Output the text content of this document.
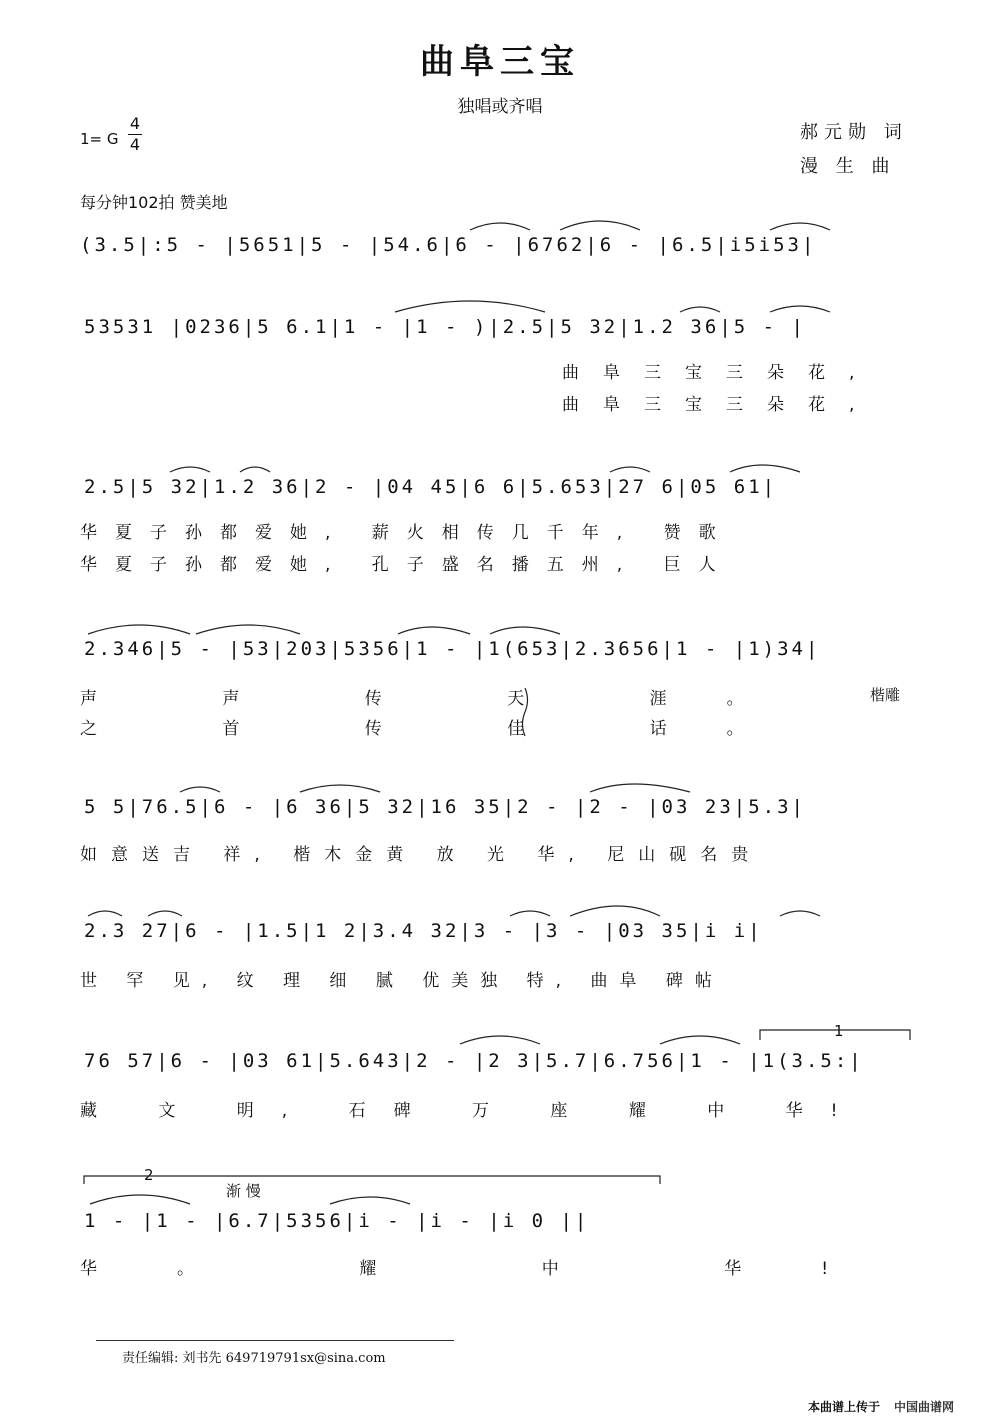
曲阜三宝
独唱或齐唱
1= G
4
4
郝元勋 词
漫 生 曲
每分钟102拍 赞美地
(3.5|:5 - |5651|5 - |54.6|6 - |6762|6 - |6.5|i5i53|
53531 |0236|5 6.1|1 - |1 - )|2.5|5 32|1.2 36|5 - |
曲阜三宝三朵花,
曲阜三宝三朵花,
2.5|5 32|1.2 36|2 - |04 45|6 6|5.653|27 6|05 61|
华夏子孙都爱她, 薪火相传几千年, 赞歌
华夏子孙都爱她, 孔子盛名播五州, 巨人
2.346|5 - |53|203|5356|1 - |1(653|2.3656|1 - |1)34|
声 声 传 天 涯。
之 首 传 佳 话。
楷雕
5 5|76.5|6 - |6 36|5 32|16 35|2 - |2 - |03 23|5.3|
如意送吉 祥, 楷木金黄 放 光 华, 尼山砚名贵
2.3 27|6 - |1.5|1 2|3.4 32|3 - |3 - |03 35|i i|
世 罕 见, 纹 理 细 腻 优美独 特, 曲阜 碑帖
1
76 57|6 - |03 61|5.643|2 - |2 3|5.7|6.756|1 - |1(3.5:|
藏 文 明, 石碑 万 座 耀 中 华!
2
渐 慢
1 - |1 - |6.7|5356|i - |i - |i 0 ||
华。 耀 中 华!
责任编辑: 刘书先 649719791sx@sina.com
本曲谱上传于 中国曲谱网
